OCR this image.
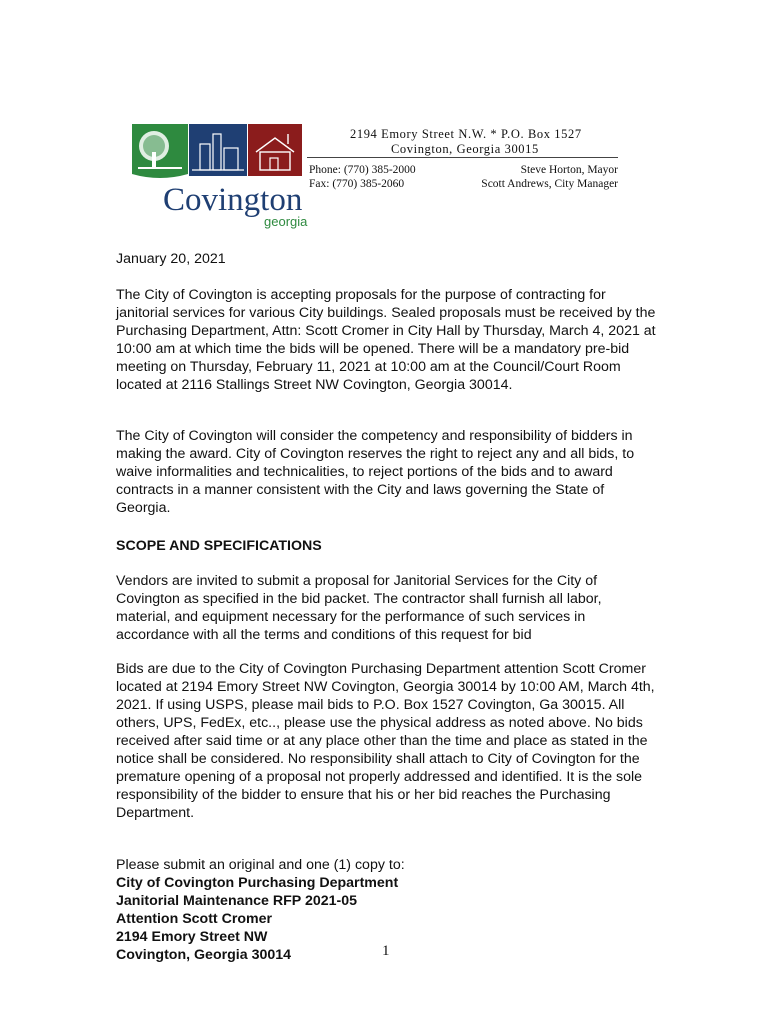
Covington
georgia
2194 Emory Street N.W. * P.O. Box 1527
Covington, Georgia 30015
Phone: (770) 385-2000
Fax: (770) 385-2060
Steve Horton, Mayor
Scott Andrews, City Manager

January 20, 2021

The City of Covington is accepting proposals for the purpose of contracting for janitorial services for various City buildings. Sealed proposals must be received by the Purchasing Department, Attn: Scott Cromer in City Hall by Thursday, March 4, 2021 at 10:00 am at which time the bids will be opened. There will be a mandatory pre-bid meeting on Thursday, February 11, 2021 at 10:00 am at the Council/Court Room located at 2116 Stallings Street NW Covington, Georgia 30014.

The City of Covington will consider the competency and responsibility of bidders in making the award. City of Covington reserves the right to reject any and all bids, to waive informalities and technicalities, to reject portions of the bids and to award contracts in a manner consistent with the City and laws governing the State of Georgia.

SCOPE AND SPECIFICATIONS

Vendors are invited to submit a proposal for Janitorial Services for the City of Covington as specified in the bid packet. The contractor shall furnish all labor, material, and equipment necessary for the performance of such services in accordance with all the terms and conditions of this request for bid

Bids are due to the City of Covington Purchasing Department attention Scott Cromer located at 2194 Emory Street NW Covington, Georgia 30014 by 10:00 AM, March 4th, 2021. If using USPS, please mail bids to P.O. Box 1527 Covington, Ga 30015. All others, UPS, FedEx, etc.., please use the physical address as noted above. No bids received after said time or at any place other than the time and place as stated in the notice shall be considered. No responsibility shall attach to City of Covington for the premature opening of a proposal not properly addressed and identified. It is the sole responsibility of the bidder to ensure that his or her bid reaches the Purchasing Department.

Please submit an original and one (1) copy to:
City of Covington Purchasing Department
Janitorial Maintenance RFP 2021-05
Attention Scott Cromer
2194 Emory Street NW
Covington, Georgia 30014	1
